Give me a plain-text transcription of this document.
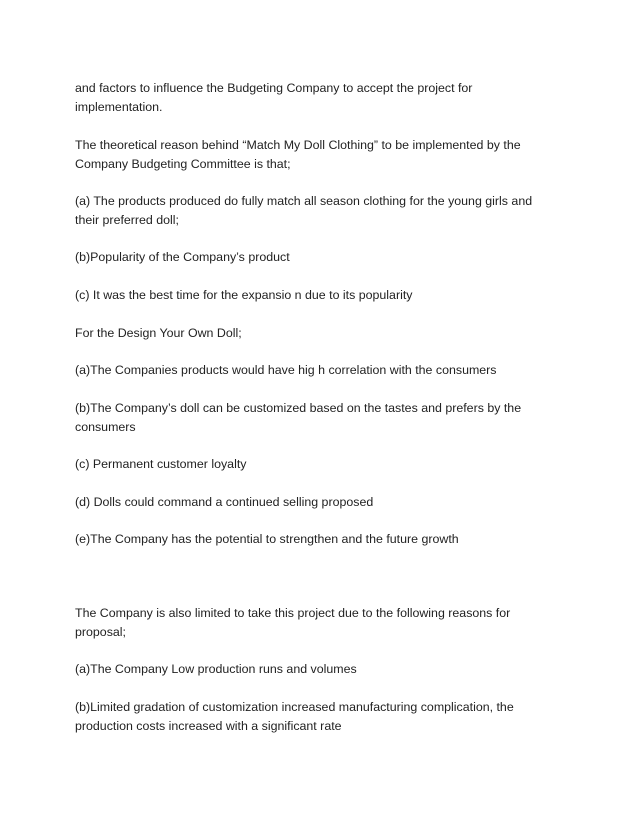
and factors to influence the Budgeting Company to accept the project for
implementation.

The theoretical reason behind “Match My Doll Clothing” to be implemented by the
Company Budgeting Committee is that;

(a) The products produced do fully match all season clothing for the young girls and
their preferred doll;

(b)Popularity of the Company’s product

(c) It was the best time for the expansio n due to its popularity

For the Design Your Own Doll;

(a)The Companies products would have hig h correlation with the consumers

(b)The Company’s doll can be customized based on the tastes and prefers by the
consumers

(c) Permanent customer loyalty

(d) Dolls could command a continued selling proposed

(e)The Company has the potential to strengthen and the future growth

The Company is also limited to take this project due to the following reasons for
proposal;

(a)The Company Low production runs and volumes

(b)Limited gradation of customization increased manufacturing complication, the
production costs increased with a significant rate
